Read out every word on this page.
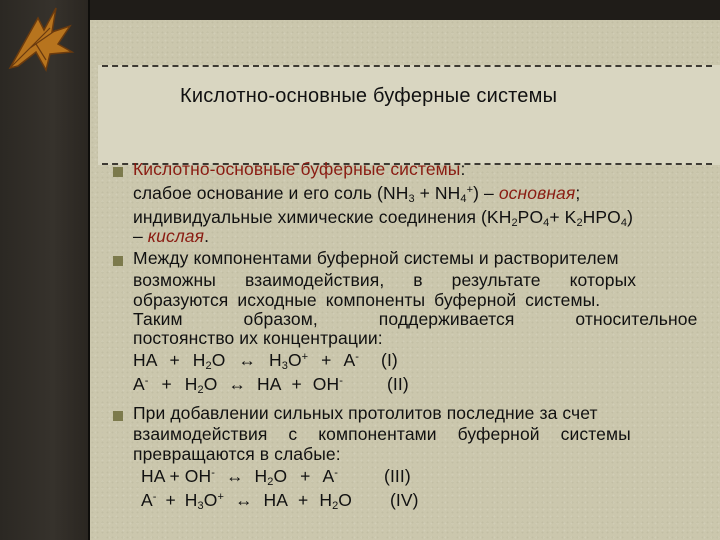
Кислотно-основные буферные системы
Кислотно-основные буферные системы:
слабое основание и его соль $(NH_3 + NH_4^+)$ – основная;
индивидуальные химические соединения $(KH_2PO_4+ K_2HPO_4)$
– кислая.
Между компонентами буферной системы и растворителем
возможны взаимодействия, в результате которых
образуются исходные компоненты буферной системы.
Таким образом, поддерживается относительное
постоянство их концентрации:
HA + $H_2O$ ↔ $H_3O^+ + A^-$ (I)
$A^- + H_2O$ ↔ HA + OH-	(II)
При добавлении сильных протолитов последние за счет
взаимодействия с компонентами буферной системы
превращаются в слабые:
HA + OH- ↔ $H_2O + A^-$	(III)
$A^- + H_3O^+$ ↔ HA + $H_2O$ (IV)
